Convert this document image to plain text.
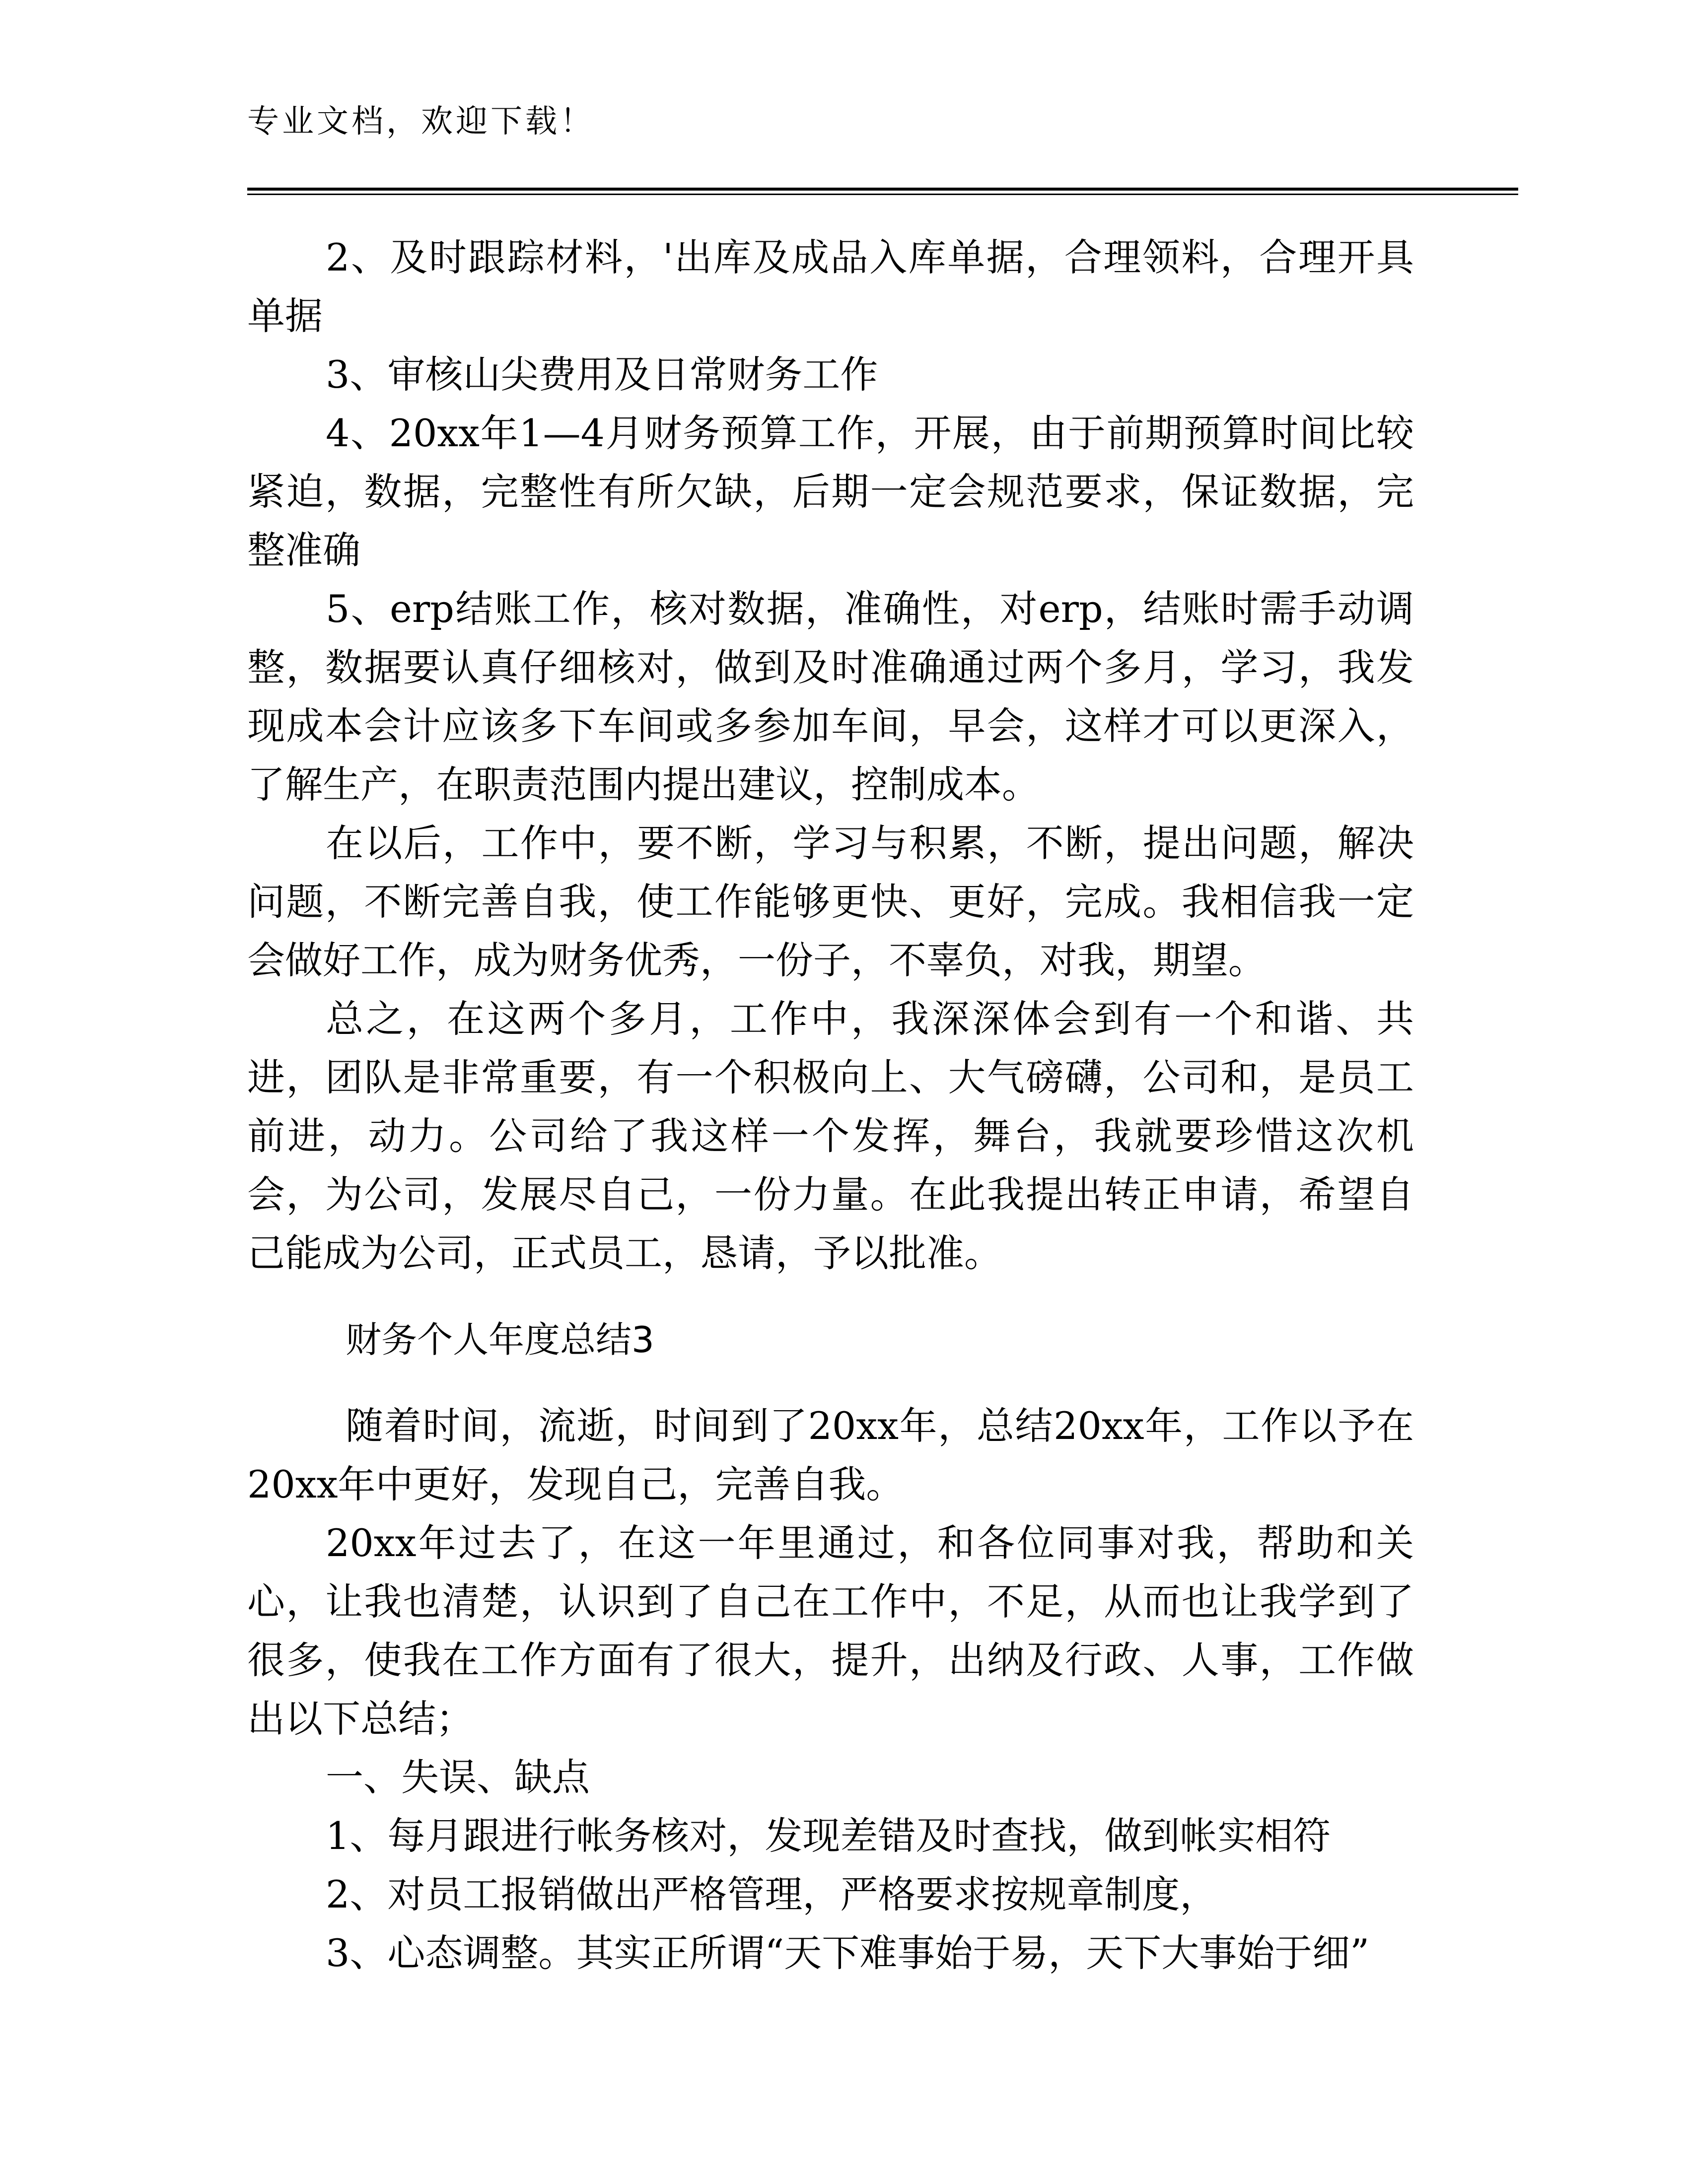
专业文档，欢迎下载！

2、及时跟踪材料，'出库及成品入库单据，合理领料，合理开具单据

3、审核山尖费用及日常财务工作

4、20xx年1—4月财务预算工作，开展，由于前期预算时间比较紧迫，数据，完整性有所欠缺，后期一定会规范要求，保证数据，完整准确

5、erp结账工作，核对数据，准确性，对erp，结账时需手动调整，数据要认真仔细核对，做到及时准确通过两个多月，学习，我发现成本会计应该多下车间或多参加车间，早会，这样才可以更深入，了解生产，在职责范围内提出建议，控制成本。

在以后，工作中，要不断，学习与积累，不断，提出问题，解决问题，不断完善自我，使工作能够更快、更好，完成。我相信我一定会做好工作，成为财务优秀，一份子，不辜负，对我，期望。

总之，在这两个多月，工作中，我深深体会到有一个和谐、共进，团队是非常重要，有一个积极向上、大气磅礴，公司和，是员工前进，动力。公司给了我这样一个发挥，舞台，我就要珍惜这次机会，为公司，发展尽自己，一份力量。在此我提出转正申请，希望自己能成为公司，正式员工，恳请，予以批准。

财务个人年度总结3

随着时间，流逝，时间到了20xx年，总结20xx年，工作以予在20xx年中更好，发现自己，完善自我。

20xx年过去了，在这一年里通过，和各位同事对我，帮助和关心，让我也清楚，认识到了自己在工作中，不足，从而也让我学到了很多，使我在工作方面有了很大，提升，出纳及行政、人事，工作做出以下总结；

一、失误、缺点

1、每月跟进行帐务核对，发现差错及时查找，做到帐实相符

2、对员工报销做出严格管理，严格要求按规章制度，

3、心态调整。其实正所谓“天下难事始于易，天下大事始于细”
